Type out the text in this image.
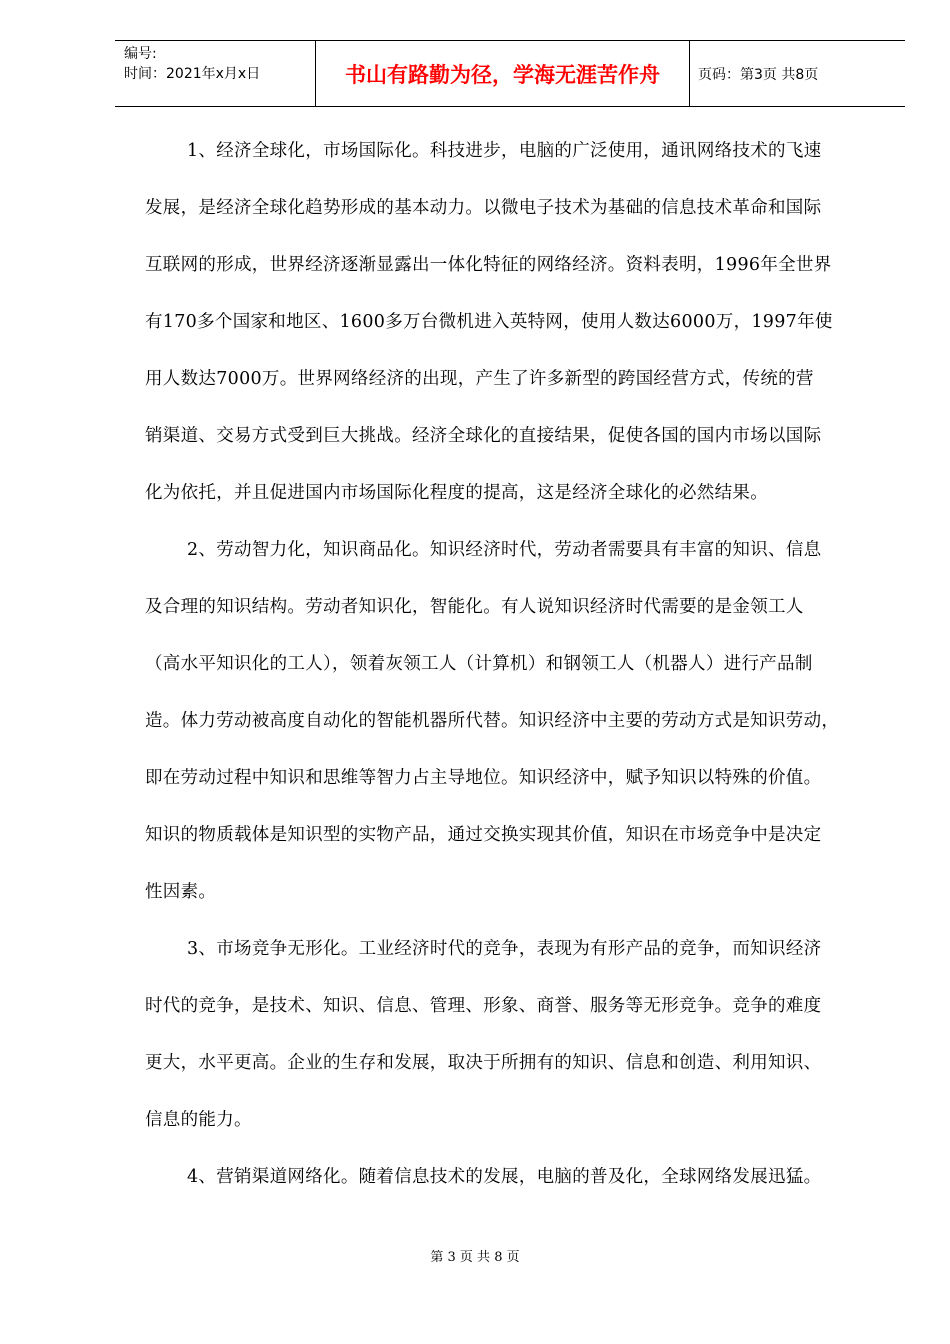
编号:
时间：2021年x月x日	书山有路勤为径，学海无涯苦作舟	页码：第3页 共8页
1、经济全球化，市场国际化。科技进步，电脑的广泛使用，通讯网络技术的飞速
发展，是经济全球化趋势形成的基本动力。以微电子技术为基础的信息技术革命和国际
互联网的形成，世界经济逐渐显露出一体化特征的网络经济。资料表明，1996年全世界
有170多个国家和地区、1600多万台微机进入英特网，使用人数达6000万，1997年使
用人数达7000万。世界网络经济的出现，产生了许多新型的跨国经营方式，传统的营
销渠道、交易方式受到巨大挑战。经济全球化的直接结果，促使各国的国内市场以国际
化为依托，并且促进国内市场国际化程度的提高，这是经济全球化的必然结果。
2、劳动智力化，知识商品化。知识经济时代，劳动者需要具有丰富的知识、信息
及合理的知识结构。劳动者知识化，智能化。有人说知识经济时代需要的是金领工人
（高水平知识化的工人），领着灰领工人（计算机）和钢领工人（机器人）进行产品制
造。体力劳动被高度自动化的智能机器所代替。知识经济中主要的劳动方式是知识劳动，
即在劳动过程中知识和思维等智力占主导地位。知识经济中，赋予知识以特殊的价值。
知识的物质载体是知识型的实物产品，通过交换实现其价值，知识在市场竞争中是决定
性因素。
3、市场竞争无形化。工业经济时代的竞争，表现为有形产品的竞争，而知识经济
时代的竞争，是技术、知识、信息、管理、形象、商誉、服务等无形竞争。竞争的难度
更大，水平更高。企业的生存和发展，取决于所拥有的知识、信息和创造、利用知识、
信息的能力。
4、营销渠道网络化。随着信息技术的发展，电脑的普及化，全球网络发展迅猛。
第 3 页 共 8 页
